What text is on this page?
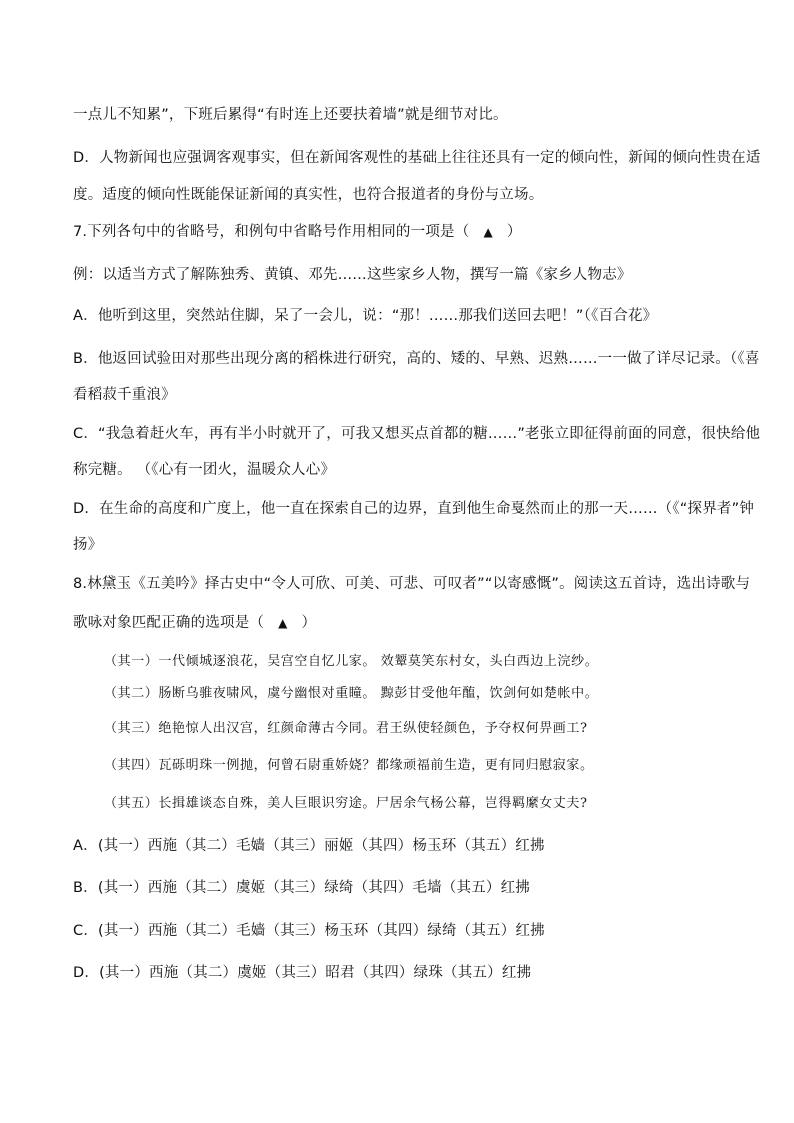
一点儿不知累”，下班后累得“有时连上还要扶着墙”就是细节对比。
D．人物新闻也应强调客观事实，但在新闻客观性的基础上往往还具有一定的倾向性，新闻的倾向性贵在适
度。适度的倾向性既能保证新闻的真实性，也符合报道者的身份与立场。
7.下列各句中的省略号，和例句中省略号作用相同的一项是（ ▲ ）
例：以适当方式了解陈独秀、黄镇、邓先……这些家乡人物，撰写一篇《家乡人物志》
A．他听到这里，突然站住脚，呆了一会儿，说：“那！……那我们送回去吧！”（《百合花》
B．他返回试验田对那些出现分离的稻株进行研究，高的、矮的、早熟、迟熟……一一做了详尽记录。（《喜
看稻菽千重浪》
C．“我急着赶火车，再有半小时就开了，可我又想买点首都的糖……”老张立即征得前面的同意，很快给他
称完糖。 （《心有一团火，温暖众人心》
D．在生命的高度和广度上，他一直在探索自己的边界，直到他生命戛然而止的那一天……（《“探界者”钟
扬》
8.林黛玉《五美吟》择古史中“令人可欣、可美、可悲、可叹者”“以寄感慨”。阅读这五首诗，选出诗歌与
歌咏对象匹配正确的选项是（ ▲ ）
（其一）一代倾城逐浪花，吴宫空自忆儿家。 效颦莫笑东村女，头白西边上浣纱。
（其二）肠断乌骓夜啸风，虞兮幽恨对重瞳。 黥彭甘受他年醢，饮剑何如楚帐中。
（其三）绝艳惊人出汉宫，红颜命薄古今同。君王纵使轻颜色，予夺权何畀画工?
（其四）瓦砾明珠一例抛，何曾石尉重娇娆？都缘顽福前生造，更有同归慰寂家。
（其五）长揖雄谈态自殊，美人巨眼识穷途。尸居余气杨公幕，岂得羁縻女丈夫?
A．(其一）西施（其二）毛嫱（其三）丽姬（其四）杨玉环（其五）红拂
B．(其一）西施（其二）虞姬（其三）绿绮（其四）毛墙（其五）红拂
C．(其一）西施（其二）毛嫱（其三）杨玉环（其四）绿绮（其五）红拂
D．(其一）西施（其二）虞姬（其三）昭君（其四）绿珠（其五）红拂
